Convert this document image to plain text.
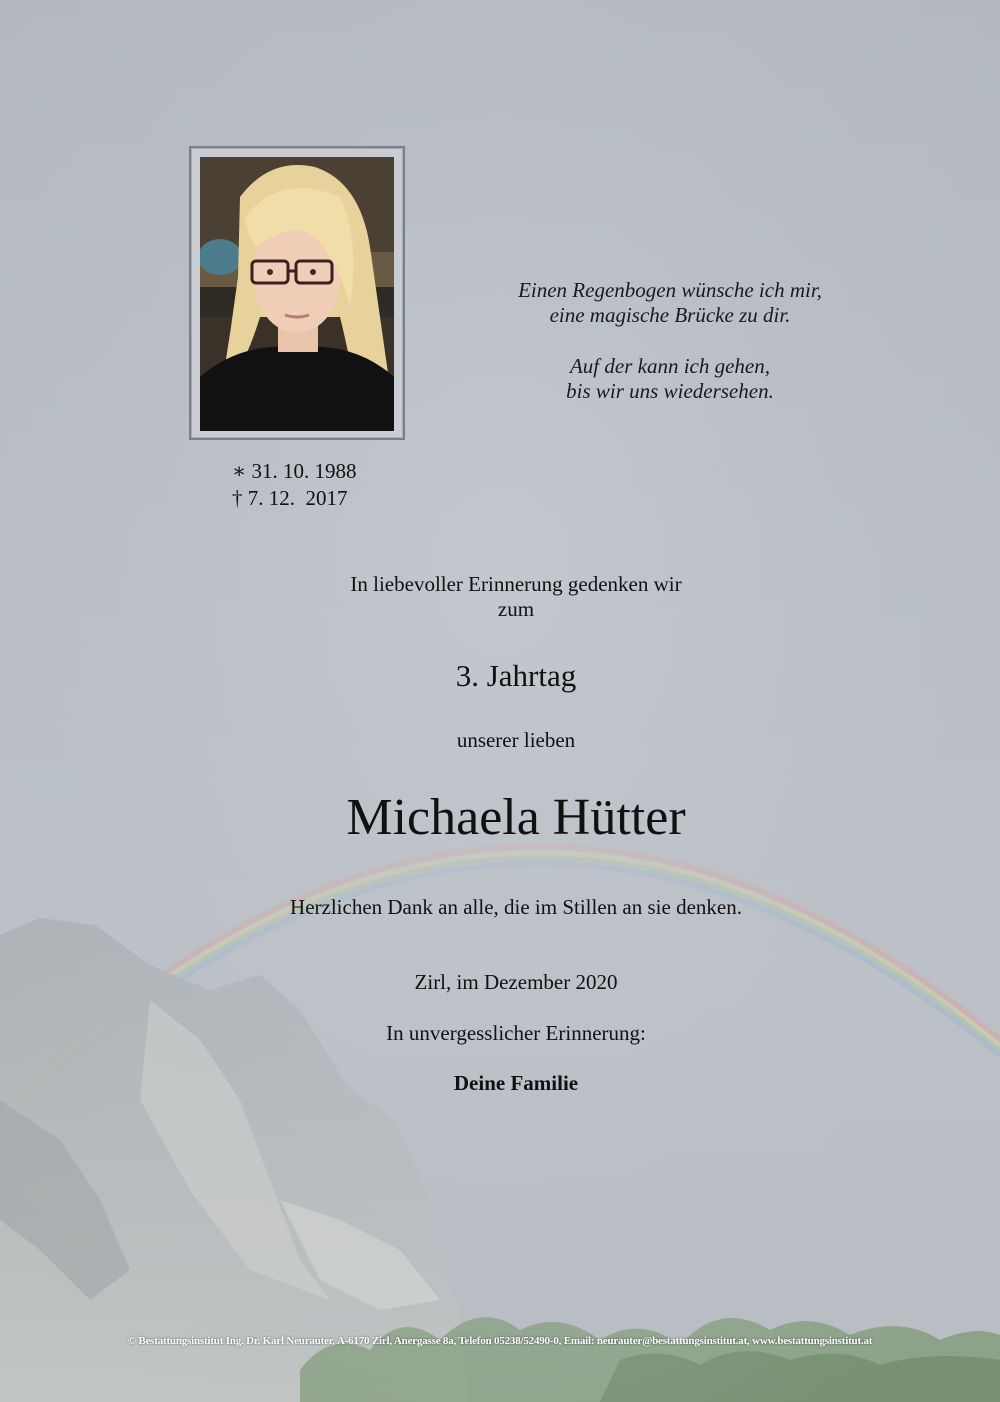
Einen Regenbogen wünsche ich mir,
eine magische Brücke zu dir.

Auf der kann ich gehen,
bis wir uns wiedersehen.

∗ 31. 10. 1988
† 7. 12.  2017
In liebevoller Erinnerung gedenken wir
zum
3. Jahrtag
unserer lieben
Michaela Hütter
Herzlichen Dank an alle, die im Stillen an sie denken.
Zirl, im Dezember 2020
In unvergesslicher Erinnerung:
Deine Familie
© Bestattungsinstitut Ing. Dr. Karl Neurauter, A-6170 Zirl, Anergasse 8a, Telefon 05238/52490-0, Email: neurauter@bestattungsinstitut.at, www.bestattungsinstitut.at
